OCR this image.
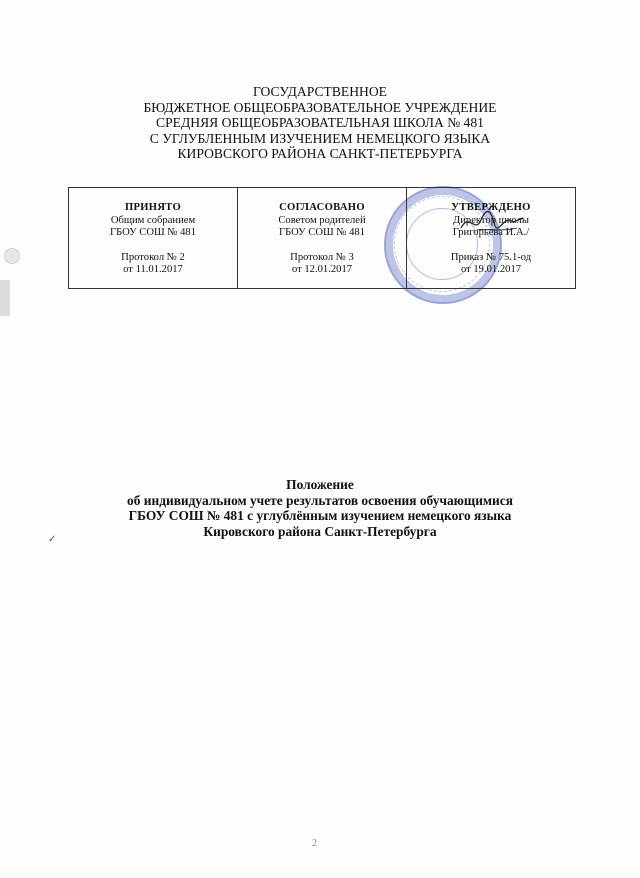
ГОСУДАРСТВЕННОЕ
БЮДЖЕТНОЕ ОБЩЕОБРАЗОВАТЕЛЬНОЕ УЧРЕЖДЕНИЕ
СРЕДНЯЯ ОБЩЕОБРАЗОВАТЕЛЬНАЯ ШКОЛА № 481
С УГЛУБЛЕННЫМ ИЗУЧЕНИЕМ НЕМЕЦКОГО ЯЗЫКА
КИРОВСКОГО РАЙОНА САНКТ-ПЕТЕРБУРГА
ПРИНЯТО
Общим собранием
ГБОУ СОШ № 481
Протокол № 2
от 11.01.2017
СОГЛАСОВАНО
Советом родителей
ГБОУ СОШ № 481
Протокол № 3
от 12.01.2017
УТВЕРЖДЕНО
Директор школы
Григорьева И.А./
Приказ № 75.1-од
от 19.01.2017
Положение
об индивидуальном учете результатов освоения обучающимися
ГБОУ СОШ № 481 с углублённым изучением немецкого языка
Кировского района Санкт-Петербурга
✓
2
